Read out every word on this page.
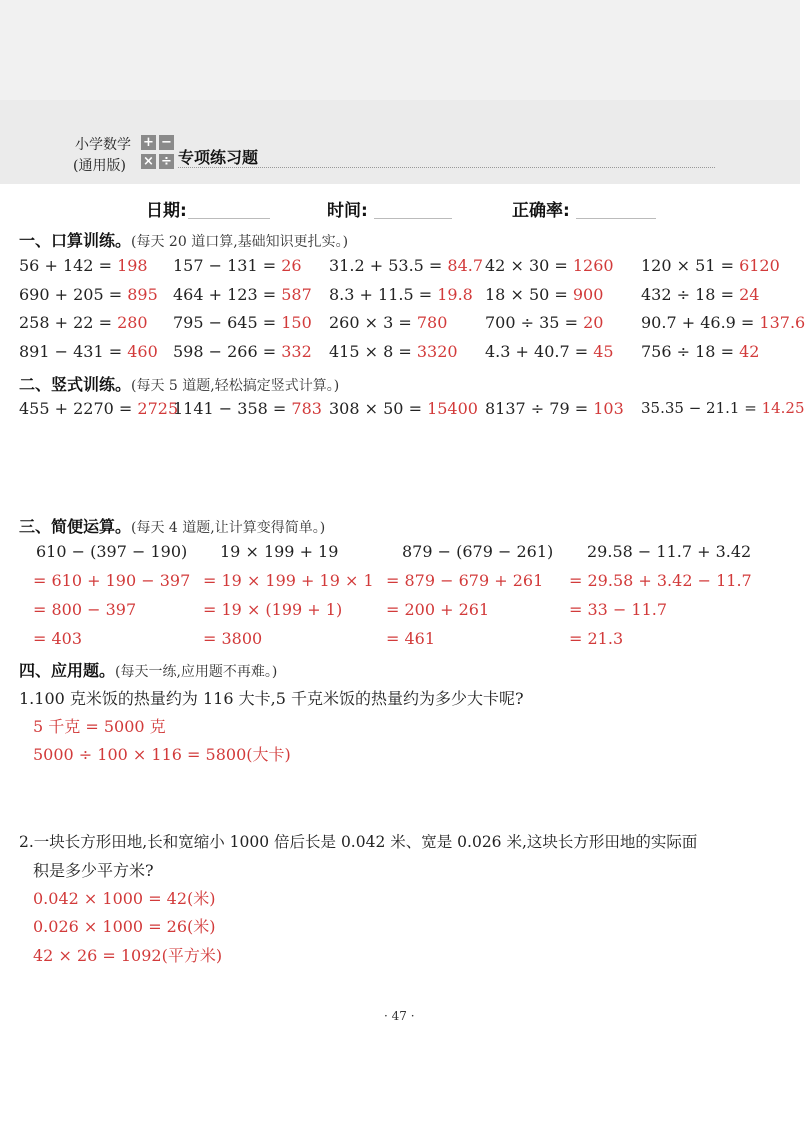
小学数学
(通用版)
+ −
× ÷ 专项练习题
日期:	时间:	正确率:
一、口算训练。(每天 20 道口算,基础知识更扎实。)
56 + 142 = 198 157 − 131 = 26 31.2 + 53.5 = 84.7 42 × 30 = 1260 120 × 51 = 6120
690 + 205 = 895 464 + 123 = 587 8.3 + 11.5 = 19.8 18 × 50 = 900 432 ÷ 18 = 24
258 + 22 = 280 795 − 645 = 150 260 × 3 = 780 700 ÷ 35 = 20 90.7 + 46.9 = 137.6
891 − 431 = 460 598 − 266 = 332 415 × 8 = 3320 4.3 + 40.7 = 45 756 ÷ 18 = 42
二、竖式训练。(每天 5 道题,轻松搞定竖式计算。)
455 + 2270 = 2725
1141 − 358 = 783 308 × 50 = 15400 8137 ÷ 79 = 103 35.35 − 21.1 = 14.25
三、简便运算。(每天 4 道题,让计算变得简单。)
610 − (397 − 190)
= 610 + 190 − 397
= 800 − 397
= 403
19 × 199 + 19
= 19 × 199 + 19 × 1
= 19 × (199 + 1)
= 3800
879 − (679 − 261)
= 879 − 679 + 261
= 200 + 261
= 461
29.58 − 11.7 + 3.42
= 29.58 + 3.42 − 11.7
= 33 − 11.7
= 21.3
四、应用题。(每天一练,应用题不再难。)
1.100 克米饭的热量约为 116 大卡,5 千克米饭的热量约为多少大卡呢?
5 千克 = 5000 克
5000 ÷ 100 × 116 = 5800(大卡)
2.一块长方形田地,长和宽缩小 1000 倍后长是 0.042 米、宽是 0.026 米,这块长方形田地的实际面
积是多少平方米?
0.042 × 1000 = 42(米)
0.026 × 1000 = 26(米)
42 × 26 = 1092(平方米)
· 47 ·
